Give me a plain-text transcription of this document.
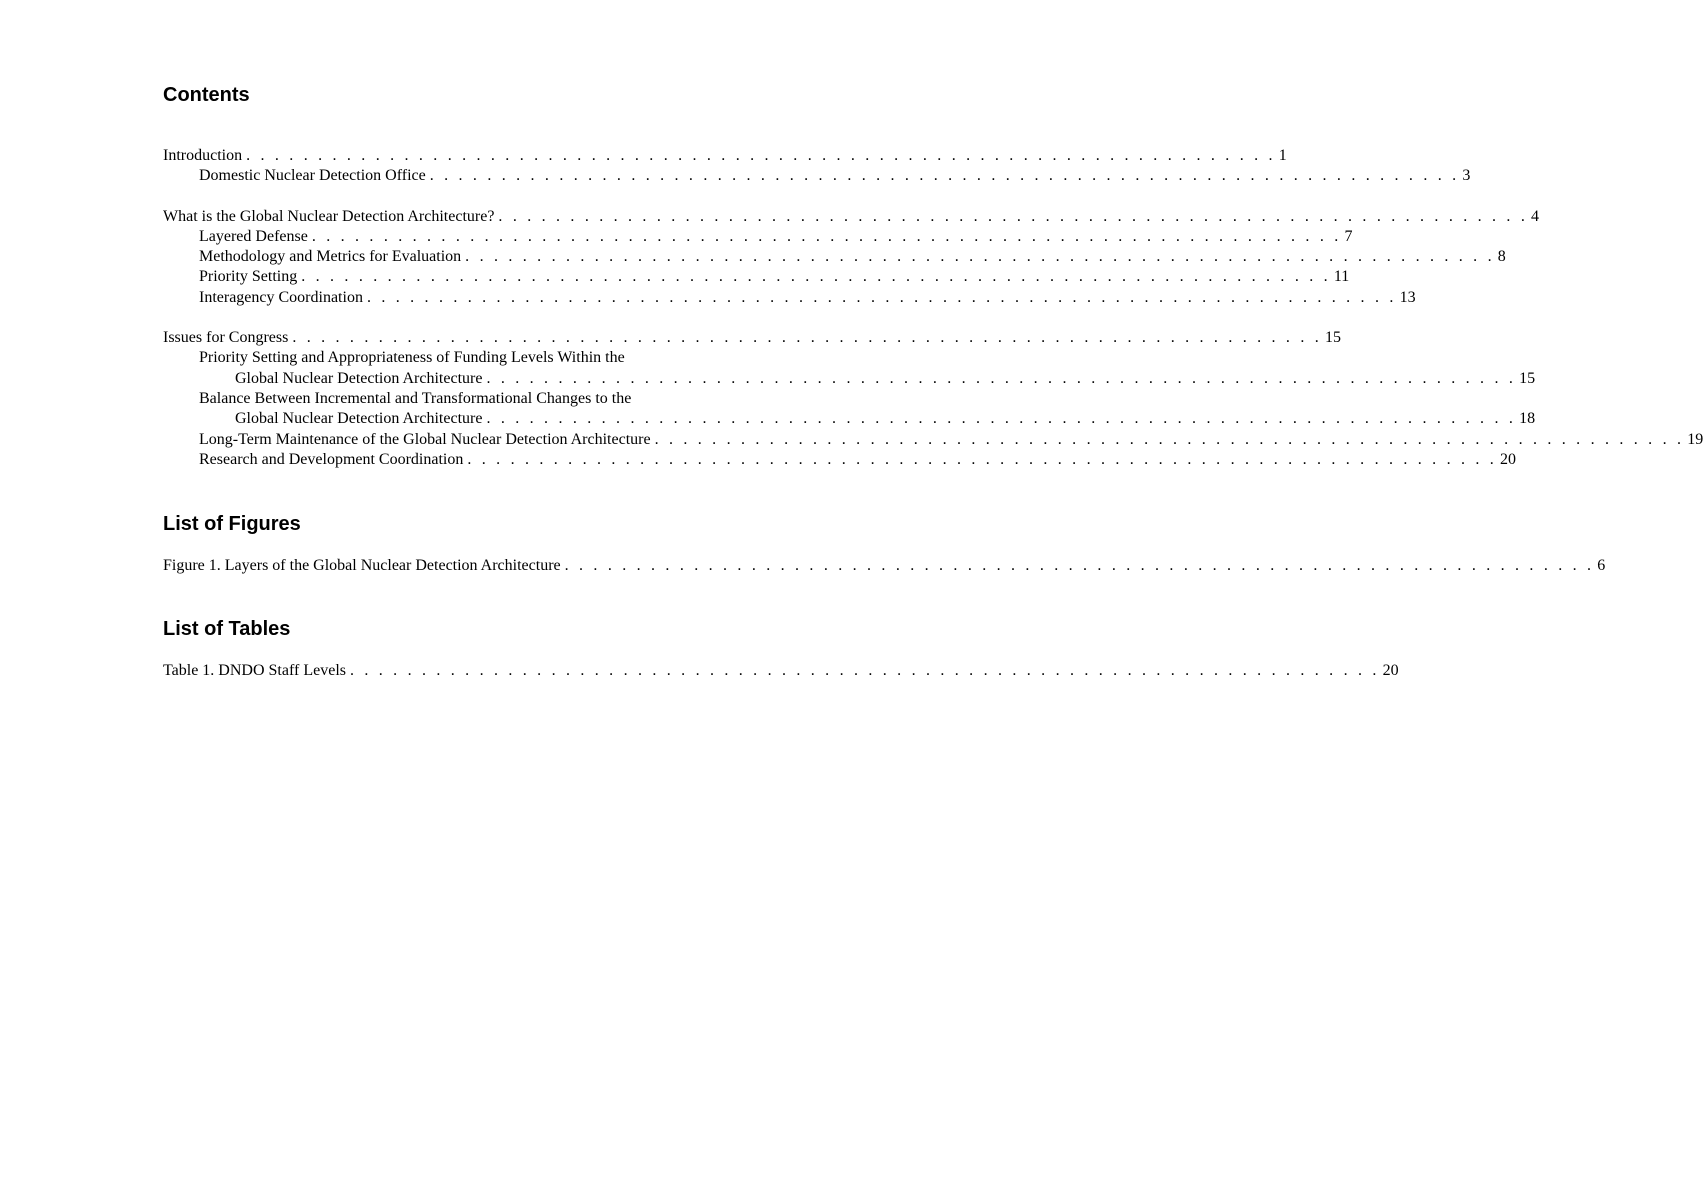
Contents
Introduction . . . . . . . . . . . . . . . . . . . . . . . . . . . . . . . . . . . . . . . . . . . . . . . . . . . . . . . . . . . . . . . . . . . . . . . . 1
Domestic Nuclear Detection Office . . . . . . . . . . . . . . . . . . . . . . . . . . . . . . . . . . . . . . . . . . . . . . . . . . . . . . . . . . . . . . . . . . . . . . . . 3
What is the Global Nuclear Detection Architecture? . . . . . . . . . . . . . . . . . . . . . . . . . . . . . . . . . . . . . . . . . . . . . . . . . . . . . . . . . . . . . . . . . . . . . . . . 4
Layered Defense . . . . . . . . . . . . . . . . . . . . . . . . . . . . . . . . . . . . . . . . . . . . . . . . . . . . . . . . . . . . . . . . . . . . . . . . 7
Methodology and Metrics for Evaluation . . . . . . . . . . . . . . . . . . . . . . . . . . . . . . . . . . . . . . . . . . . . . . . . . . . . . . . . . . . . . . . . . . . . . . . . 8
Priority Setting . . . . . . . . . . . . . . . . . . . . . . . . . . . . . . . . . . . . . . . . . . . . . . . . . . . . . . . . . . . . . . . . . . . . . . . . 11
Interagency Coordination . . . . . . . . . . . . . . . . . . . . . . . . . . . . . . . . . . . . . . . . . . . . . . . . . . . . . . . . . . . . . . . . . . . . . . . . 13
Issues for Congress . . . . . . . . . . . . . . . . . . . . . . . . . . . . . . . . . . . . . . . . . . . . . . . . . . . . . . . . . . . . . . . . . . . . . . . . 15
Priority Setting and Appropriateness of Funding Levels Within the
Global Nuclear Detection Architecture . . . . . . . . . . . . . . . . . . . . . . . . . . . . . . . . . . . . . . . . . . . . . . . . . . . . . . . . . . . . . . . . . . . . . . . . 15
Balance Between Incremental and Transformational Changes to the
Global Nuclear Detection Architecture . . . . . . . . . . . . . . . . . . . . . . . . . . . . . . . . . . . . . . . . . . . . . . . . . . . . . . . . . . . . . . . . . . . . . . . . 18
Long-Term Maintenance of the Global Nuclear Detection Architecture . . . . . . . . . . . . . . . . . . . . . . . . . . . . . . . . . . . . . . . . . . . . . . . . . . . . . . . . . . . . . . . . . . . . . . . . 19
Research and Development Coordination . . . . . . . . . . . . . . . . . . . . . . . . . . . . . . . . . . . . . . . . . . . . . . . . . . . . . . . . . . . . . . . . . . . . . . . . 20
List of Figures
Figure 1. Layers of the Global Nuclear Detection Architecture . . . . . . . . . . . . . . . . . . . . . . . . . . . . . . . . . . . . . . . . . . . . . . . . . . . . . . . . . . . . . . . . . . . . . . . . 6
List of Tables
Table 1. DNDO Staff Levels . . . . . . . . . . . . . . . . . . . . . . . . . . . . . . . . . . . . . . . . . . . . . . . . . . . . . . . . . . . . . . . . . . . . . . . . 20
